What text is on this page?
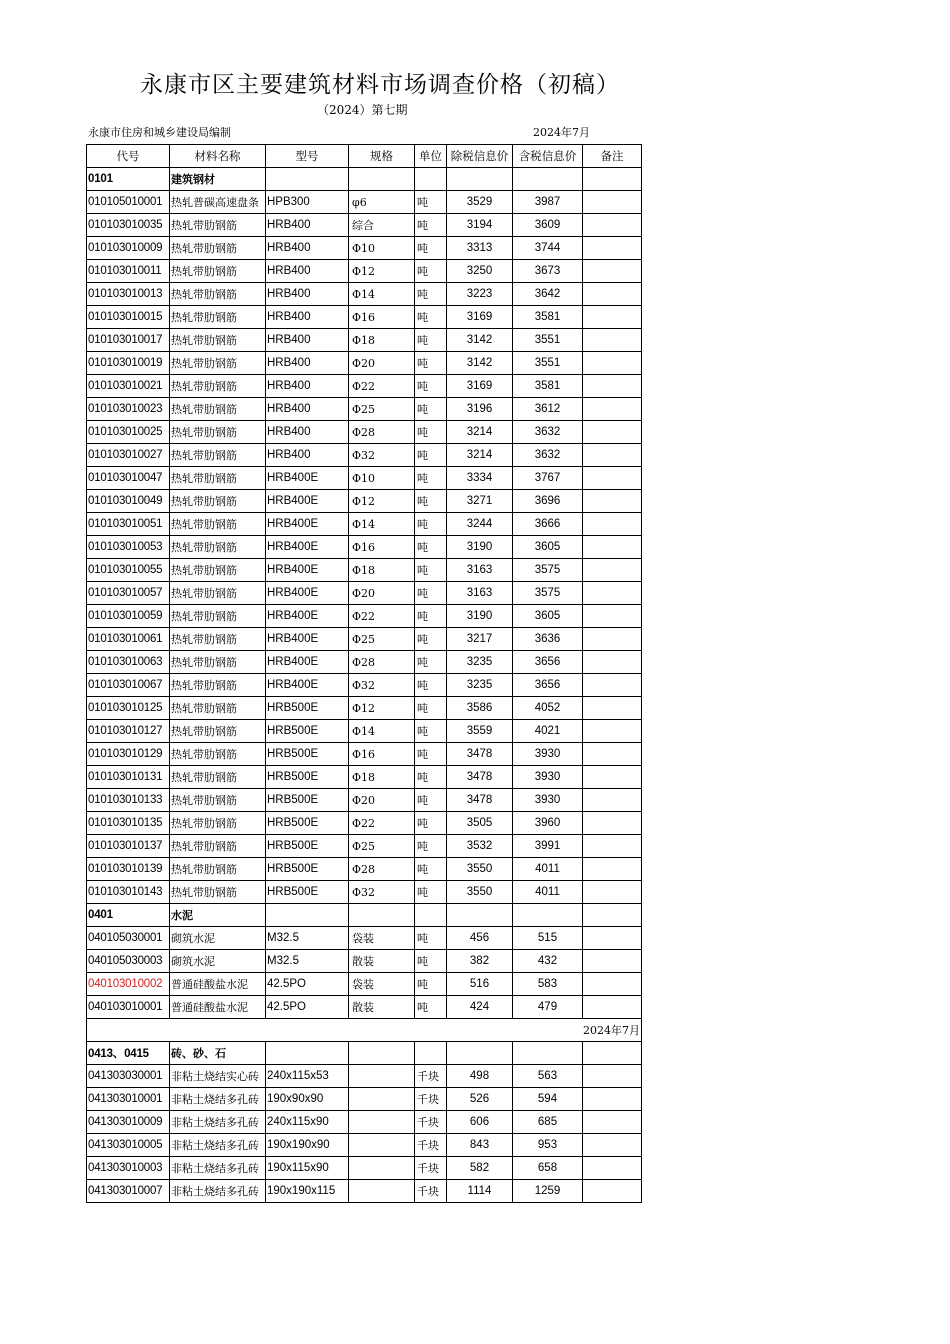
永康市区主要建筑材料市场调查价格（初稿）
（2024）第七期
永康市住房和城乡建设局编制	2024年7月
代号	材料名称	型号	规格	单位	除税信息价	含税信息价	备注
0101	建筑钢材						
010105010001	热轧普碳高速盘条	HPB300	φ6	吨	3529	3987	
010103010035	热轧带肋钢筋	HRB400	综合	吨	3194	3609	
010103010009	热轧带肋钢筋	HRB400	Φ10	吨	3313	3744	
010103010011	热轧带肋钢筋	HRB400	Φ12	吨	3250	3673	
010103010013	热轧带肋钢筋	HRB400	Φ14	吨	3223	3642	
010103010015	热轧带肋钢筋	HRB400	Φ16	吨	3169	3581	
010103010017	热轧带肋钢筋	HRB400	Φ18	吨	3142	3551	
010103010019	热轧带肋钢筋	HRB400	Φ20	吨	3142	3551	
010103010021	热轧带肋钢筋	HRB400	Φ22	吨	3169	3581	
010103010023	热轧带肋钢筋	HRB400	Φ25	吨	3196	3612	
010103010025	热轧带肋钢筋	HRB400	Φ28	吨	3214	3632	
010103010027	热轧带肋钢筋	HRB400	Φ32	吨	3214	3632	
010103010047	热轧带肋钢筋	HRB400E	Φ10	吨	3334	3767	
010103010049	热轧带肋钢筋	HRB400E	Φ12	吨	3271	3696	
010103010051	热轧带肋钢筋	HRB400E	Φ14	吨	3244	3666	
010103010053	热轧带肋钢筋	HRB400E	Φ16	吨	3190	3605	
010103010055	热轧带肋钢筋	HRB400E	Φ18	吨	3163	3575	
010103010057	热轧带肋钢筋	HRB400E	Φ20	吨	3163	3575	
010103010059	热轧带肋钢筋	HRB400E	Φ22	吨	3190	3605	
010103010061	热轧带肋钢筋	HRB400E	Φ25	吨	3217	3636	
010103010063	热轧带肋钢筋	HRB400E	Φ28	吨	3235	3656	
010103010067	热轧带肋钢筋	HRB400E	Φ32	吨	3235	3656	
010103010125	热轧带肋钢筋	HRB500E	Φ12	吨	3586	4052	
010103010127	热轧带肋钢筋	HRB500E	Φ14	吨	3559	4021	
010103010129	热轧带肋钢筋	HRB500E	Φ16	吨	3478	3930	
010103010131	热轧带肋钢筋	HRB500E	Φ18	吨	3478	3930	
010103010133	热轧带肋钢筋	HRB500E	Φ20	吨	3478	3930	
010103010135	热轧带肋钢筋	HRB500E	Φ22	吨	3505	3960	
010103010137	热轧带肋钢筋	HRB500E	Φ25	吨	3532	3991	
010103010139	热轧带肋钢筋	HRB500E	Φ28	吨	3550	4011	
010103010143	热轧带肋钢筋	HRB500E	Φ32	吨	3550	4011	
0401	水泥						
040105030001	砌筑水泥	M32.5	袋装	吨	456	515	
040105030003	砌筑水泥	M32.5	散装	吨	382	432	
040103010002	普通硅酸盐水泥	42.5PO	袋装	吨	516	583	
040103010001	普通硅酸盐水泥	42.5PO	散装	吨	424	479	
2024年7月							
0413、0415	砖、砂、石						
041303030001	非粘土烧结实心砖	240x115x53		千块	498	563	
041303010001	非粘土烧结多孔砖	190x90x90		千块	526	594	
041303010009	非粘土烧结多孔砖	240x115x90		千块	606	685	
041303010005	非粘土烧结多孔砖	190x190x90		千块	843	953	
041303010003	非粘土烧结多孔砖	190x115x90		千块	582	658	
041303010007	非粘土烧结多孔砖	190x190x115		千块	1114	1259	
